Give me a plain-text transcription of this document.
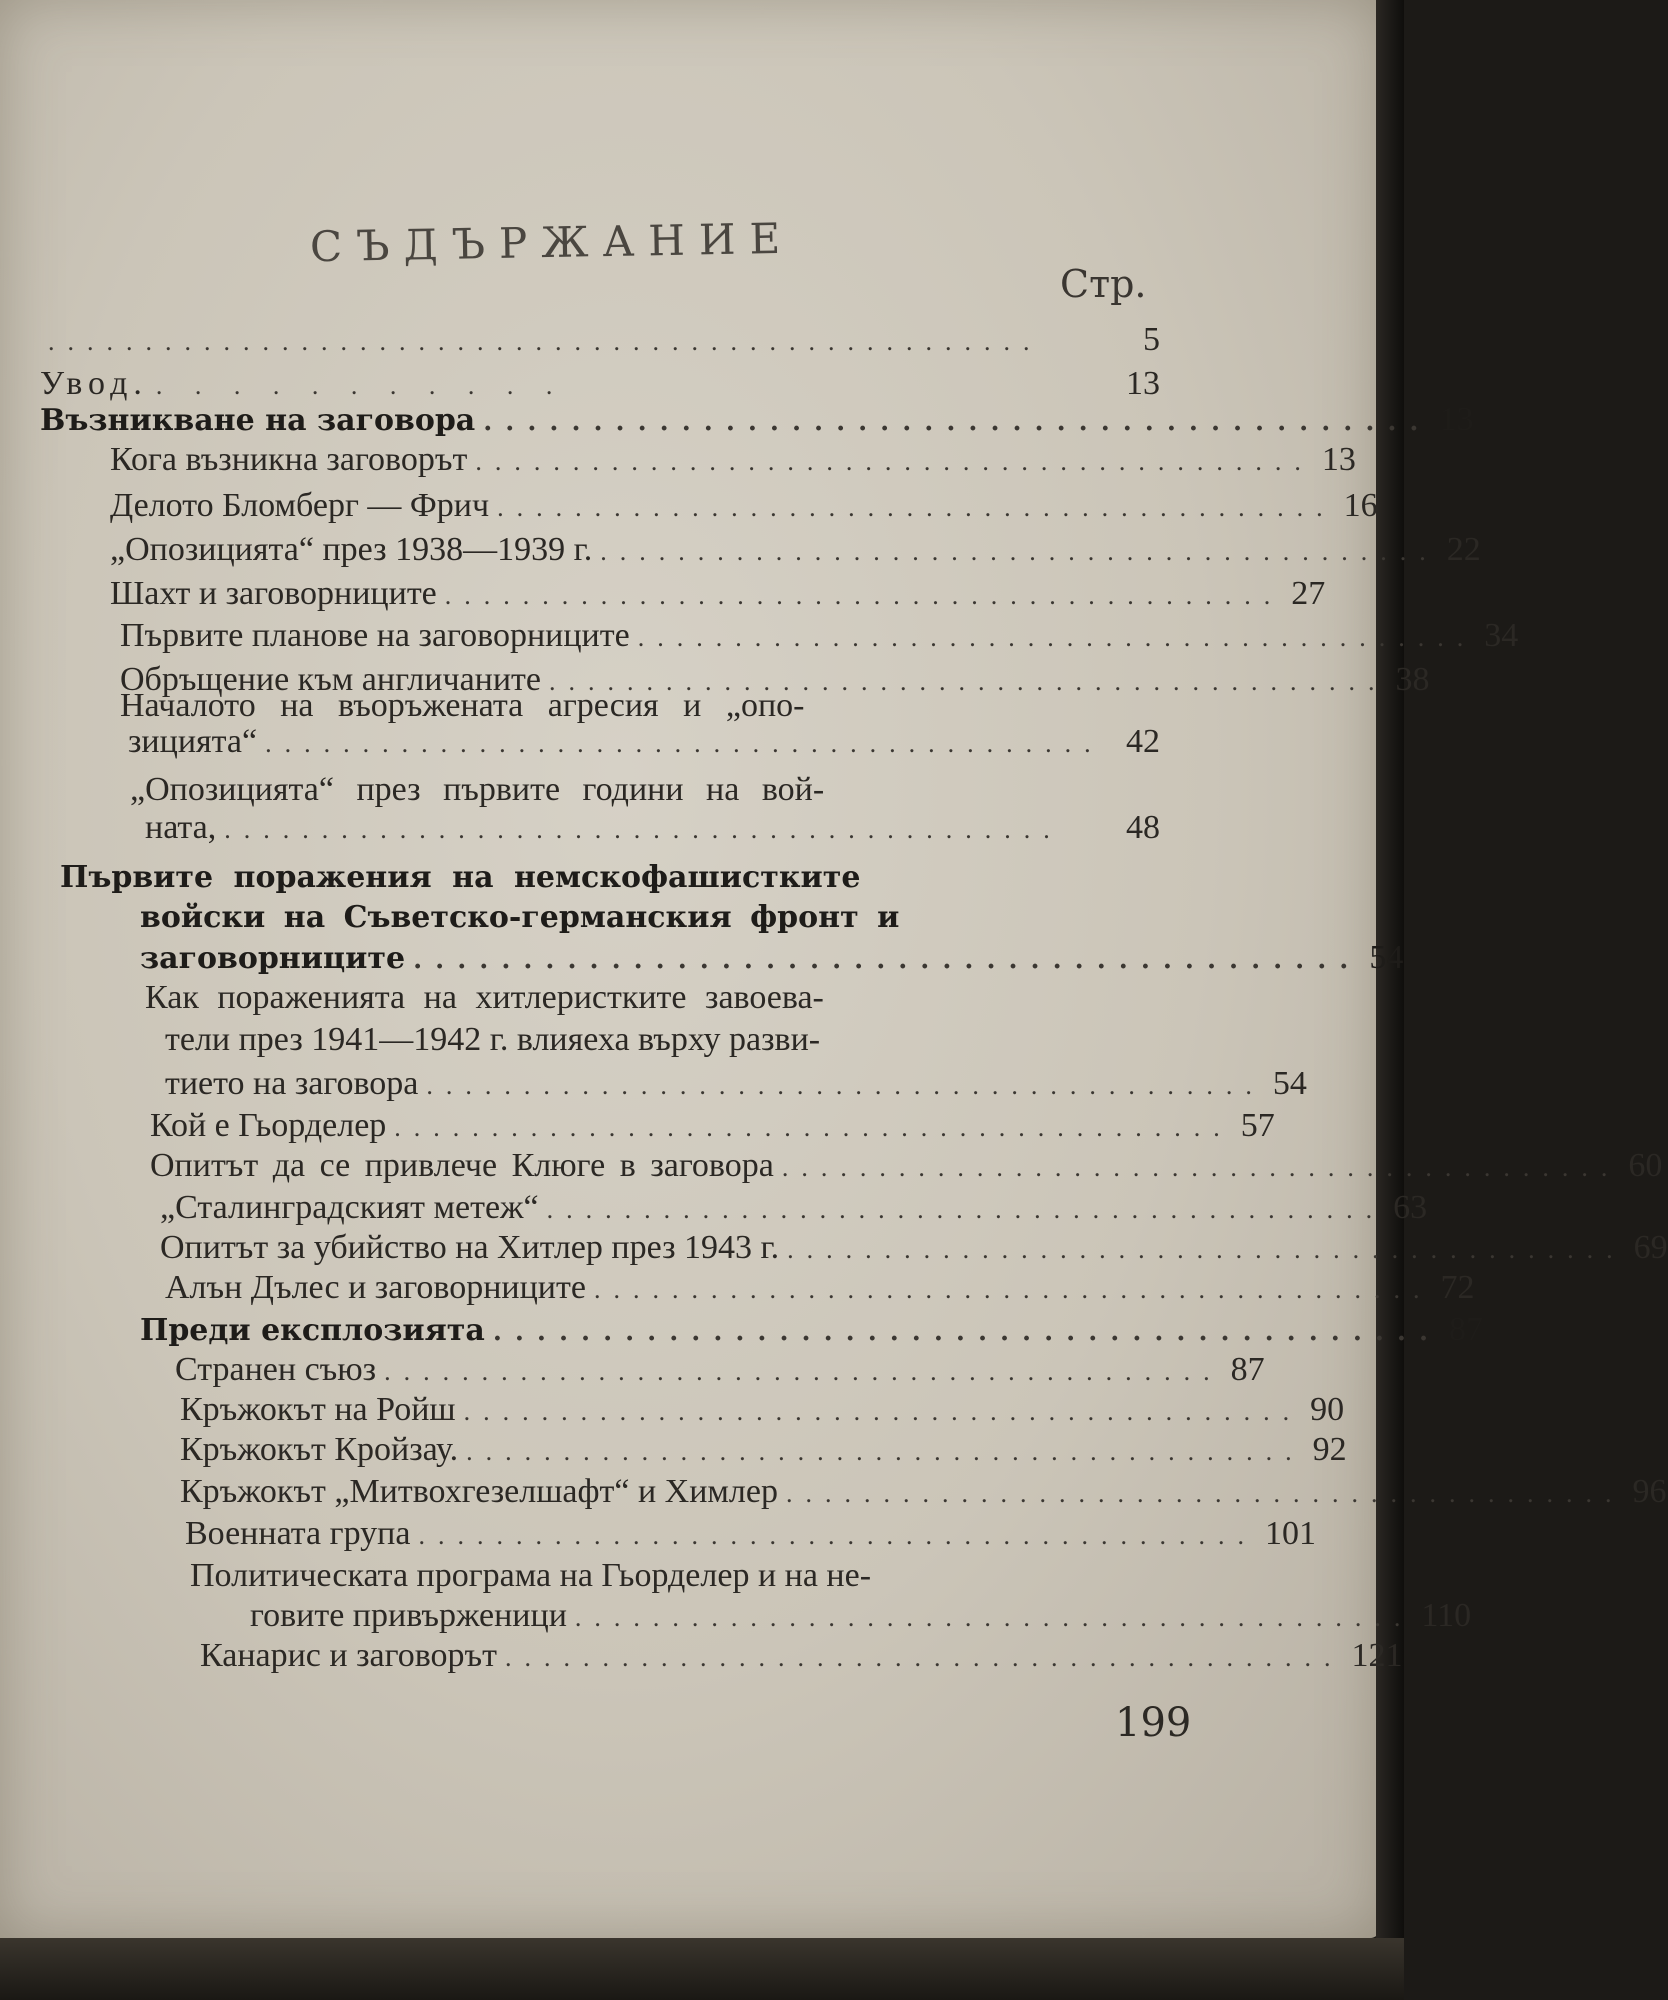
СЪДЪРЖАНИЕ
Стр.
...................................................	5
Увод. . . . . . . . . . . .	13
Възникване на заговора ........................................... 13
Кога възникна заговорът ........................................... 13
Делото Бломберг — Фрич ........................................... 16
„Опозицията“ през 1938—1939 г. ........................................... 22
Шахт и заговорниците ........................................... 27
Първите планове на заговорниците ........................................... 34
Обръщение към англичаните ........................................... 38
Началото на въоръжената агресия и „опо-
зицията“ ........................................... 42
„Опозицията“ през първите години на вой-
ната, ...........................................	48
Първите поражения на немскофашистките
войски на Съветско-германския фронт и
заговорниците ........................................... 54
Как пораженията на хитлеристките завоева-
тели през 1941—1942 г. влияеха върху разви-
тието на заговора ........................................... 54
Кой е Гьорделер ........................................... 57
Опитът да се привлече Клюге в заговора ........................................... 60
„Сталинградският метеж“ ........................................... 63
Опитът за убийство на Хитлер през 1943 г. ........................................... 69
Алън Дълес и заговорниците ........................................... 72
Преди експлозията ........................................... 87
Странен съюз ........................................... 87
Кръжокът на Ройш ........................................... 90
Кръжокът Кройзау. ........................................... 92
Кръжокът „Митвохгезелшафт“ и Химлер ........................................... 96
Военната група ........................................... 101
Политическата програма на Гьорделер и на не-
говите привърженици ........................................... 110
Канарис и заговорът ........................................... 121
199
